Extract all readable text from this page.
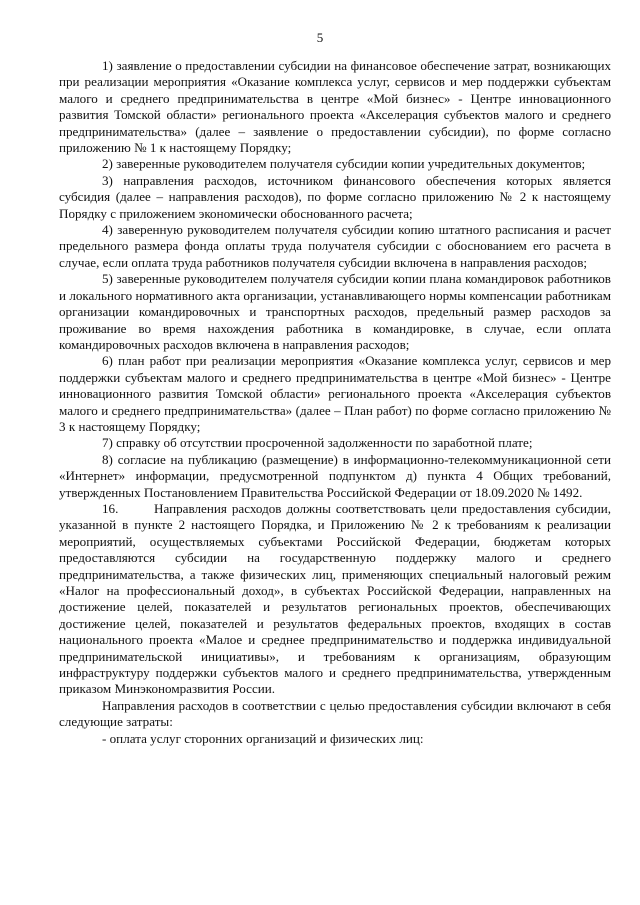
5

1) заявление о предоставлении субсидии на финансовое обеспечение затрат, возникающих при реализации мероприятия «Оказание комплекса услуг, сервисов и мер поддержки субъектам малого и среднего предпринимательства в центре «Мой бизнес» - Центре инновационного развития Томской области» регионального проекта «Акселерация субъектов малого и среднего предпринимательства» (далее – заявление о предоставлении субсидии), по форме согласно приложению № 1 к настоящему Порядку;

2) заверенные руководителем получателя субсидии копии учредительных документов;

3) направления расходов, источником финансового обеспечения которых является субсидия (далее – направления расходов), по форме согласно приложению № 2 к настоящему Порядку с приложением экономически обоснованного расчета;

4) заверенную руководителем получателя субсидии копию штатного расписания и расчет предельного размера фонда оплаты труда получателя субсидии с обоснованием его расчета в случае, если оплата труда работников получателя субсидии включена в направления расходов;

5) заверенные руководителем получателя субсидии копии плана командировок работников и локального нормативного акта организации, устанавливающего нормы компенсации работникам организации командировочных и транспортных расходов, предельный размер расходов за проживание во время нахождения работника в командировке, в случае, если оплата командировочных расходов включена в направления расходов;

6) план работ при реализации мероприятия «Оказание комплекса услуг, сервисов и мер поддержки субъектам малого и среднего предпринимательства в центре «Мой бизнес» - Центре инновационного развития Томской области» регионального проекта «Акселерация субъектов малого и среднего предпринимательства» (далее – План работ) по форме согласно приложению № 3 к настоящему Порядку;

7) справку об отсутствии просроченной задолженности по заработной плате;

8) согласие на публикацию (размещение) в информационно-телекоммуникационной сети «Интернет» информации, предусмотренной подпунктом д) пункта 4 Общих требований, утвержденных Постановлением Правительства Российской Федерации от 18.09.2020 № 1492.

16.	Направления расходов должны соответствовать цели предоставления субсидии, указанной в пункте 2 настоящего Порядка, и Приложению № 2 к требованиям к реализации мероприятий, осуществляемых субъектами Российской Федерации, бюджетам которых предоставляются субсидии на государственную поддержку малого и среднего предпринимательства, а также физических лиц, применяющих специальный налоговый режим «Налог на профессиональный доход», в субъектах Российской Федерации, направленных на достижение целей, показателей и результатов региональных проектов, обеспечивающих достижение целей, показателей и результатов федеральных проектов, входящих в состав национального проекта «Малое и среднее предпринимательство и поддержка индивидуальной предпринимательской инициативы», и требованиям к организациям, образующим инфраструктуру поддержки субъектов малого и среднего предпринимательства, утвержденным приказом Минэкономразвития России.

Направления расходов в соответствии с целью предоставления субсидии включают в себя следующие затраты:

- оплата услуг сторонних организаций и физических лиц:
